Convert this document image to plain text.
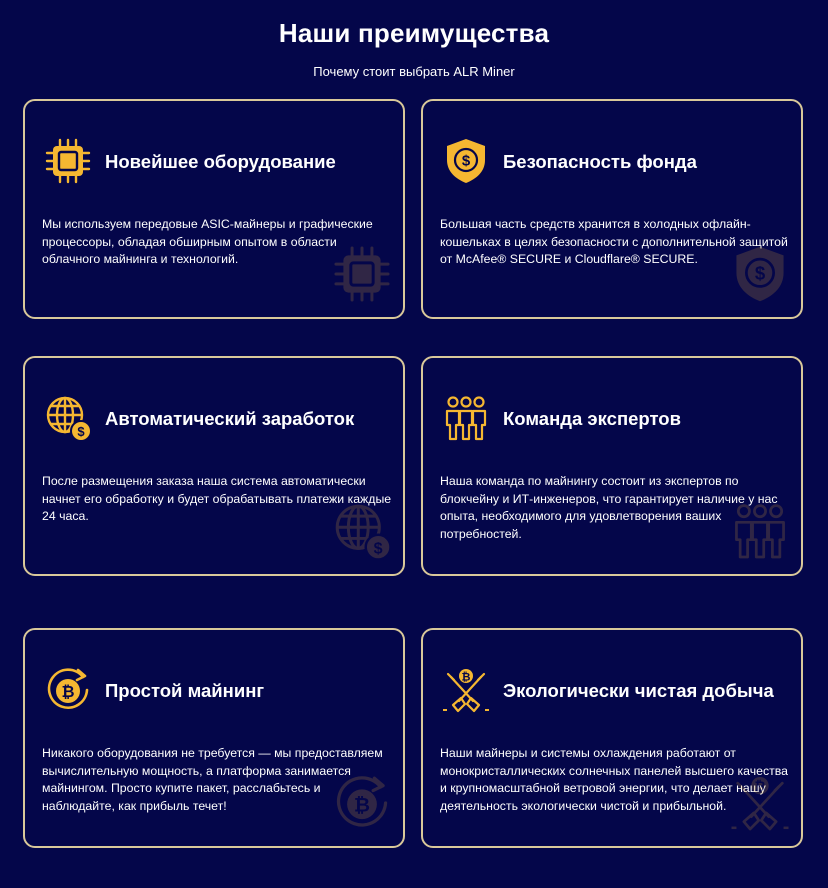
Наши преимущества
Почему стоит выбрать ALR Miner
Новейшее оборудование
Мы используем передовые ASIC-майнеры и графические процессоры, обладая обширным опытом в области облачного майнинга и технологий.
Безопасность фонда
Большая часть средств хранится в холодных офлайн-кошельках в целях безопасности с дополнительной защитой от McAfee® SECURE и Cloudflare® SECURE.
Автоматический заработок
После размещения заказа наша система автоматически начнет его обработку и будет обрабатывать платежи каждые 24 часа.
Команда экспертов
Наша команда по майнингу состоит из экспертов по блокчейну и ИТ-инженеров, что гарантирует наличие у нас опыта, необходимого для удовлетворения ваших потребностей.
Простой майнинг
Никакого оборудования не требуется — мы предоставляем вычислительную мощность, а платформа занимается майнингом. Просто купите пакет, расслабьтесь и наблюдайте, как прибыль течет!
Экологически чистая добыча
Наши майнеры и системы охлаждения работают от монокристаллических солнечных панелей высшего качества и крупномасштабной ветровой энергии, что делает нашу деятельность экологически чистой и прибыльной.
